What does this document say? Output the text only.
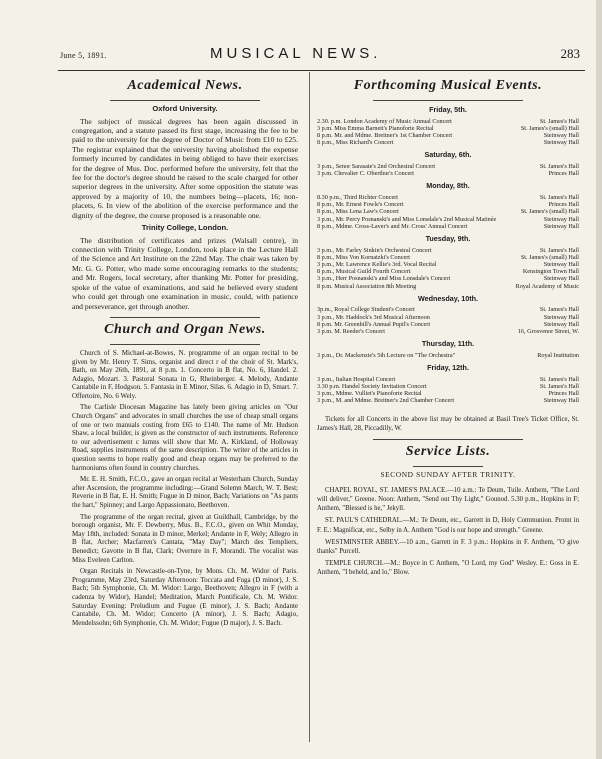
June 5, 1891.	MUSICAL NEWS.	283
Academical News.
Oxford University.

The subject of musical degrees has been again discussed in congregation, and a statute passed its first stage, increasing the fee to be paid to the university for the degree of Doctor of Music from £10 to £25. The registrar explained that the university having abolished the expense formerly incurred by candidates in being obliged to have their exercises for the degree of Mus. Doc. performed before the university, felt that the fee for the doctor's degree should be raised to the scale charged for other superior degrees in the university. After some opposition the statute was approved by a majority of 10, the numbers being—placets, 16; non-placets, 6. In view of the abolition of the exercise performance and the dignity of the degree, the course proposed is a reasonable one.

Trinity College, London.

The distribution of certificates and prizes (Walsall centre), in connection with Trinity College, London, took place in the Lecture Hall of the Science and Art Institute on the 22nd May. The chair was taken by Mr. G. G. Potter, who made some encouraging remarks to the students; and Mr. Rogers, local secretary, after thanking Mr. Potter for presiding, spoke of the value of examinations, and said he believed every student who could get through one examination in music, could, with patience and perseverance, get through another.

Church and Organ News.

Church of S. Michael-at-Bowes, N. programme of an organ recital to be given by Mr. Henry T. Sims, organist and direct r of the choir of St. Mark's, Bath, on May 26th, 1891, at 8 p.m. 1. Concerto in B flat, No. 6, Handel. 2. Adagio, Mozart. 3. Pastoral Sonata in G, Rheinberger. 4. Melody, Andante Cantabile in F, Hodgson. 5. Fantasia in E Minor, Silas. 6. Adagio in D, Smart. 7. Offertoire, No. 6 Wely.

The Carlisle Diocesan Magazine has lately been giving articles on "Our Church Organs" and advocates in small churches the use of cheap small organs of one or two manuals costing from £65 to £140. The name of Mr. Hudson Shaw, a local builder, is given as the constructor of such instruments. Reference to our advertisement c lumns will show that Mr. A. Kirkland, of Holloway Road, supplies instruments of the same description. The writer of the articles in question seems to hope really good and cheap organs may be preferred to the harmoniums often found in country churches.

Mr. E. H. Smith, F.C.O., gave an organ recital at Westerham Church, Sunday after Ascension, the programme including:—Grand Solemn March, W. T. Best; Reverie in B flat, E. H. Smith; Fugue in D minor, Bach; Variations on "As pants the hart," Spinney; and Largo Appassionato, Beethoven.

The programme of the organ recital, given at Guildhall, Cambridge, by the borough organist, Mr. F. Dewberry, Mus. B., F.C.O., given on Whit Monday, May 18th, included: Sonata in D minor, Merkel; Andante in F, Wely; Allegro in B flat, Archer; Macfarren's Cantata, "May Day"; March des Templiers, Benedict; Gavotte in B flat, Clark; Overture in F, Morandi. The vocalist was Miss Eveleen Carlton.

Organ Recitals in Newcastle-on-Tyne, by Mons. Ch. M. Widor of Paris. Programme, May 23rd, Saturday Afternoon: Toccata and Fuga (D minor), J. S. Bach; 5th Symphonie, Ch. M. Widor: Largo, Beethoven; Allegro in F (with a cadenza by Widor), Handel; Meditation, March Pontificale, Ch. M. Widor. Saturday Evening: Preludium and Fugue (E minor), J. S. Bach; Andante Cantabile, Ch. M. Widor; Concerto (A minor), J. S. Bach; Adagio, Mendelssohn; 6th Symphonie, Ch. M. Widor; Fugue (D major), J. S. Bach.

Forthcoming Musical Events.
Friday, 5th.
2.30. p.m. London Academy of Music Annual Concert	St. James's Hall
3 p.m. Miss Emma Barnett's Pianoforte Recital	St. James's (small) Hall
8 p.m. Mr. and Mdme. Breitner's 1st Chamber Concert	Steinway Hall
8 p.m., Miss Richard's Concert	Steinway Hall
Saturday, 6th.
3 p.m., Senor Sarasate's 2nd Orchestral Concert	St. James's Hall
3 p.m. Chevalier C. Oberthur's Concert	Princes Hall
Monday, 8th.
8.30 p.m., Third Richter Concert	St. James's Hall
8 p.m., Mr. Ernest Fowle's Concert	Princes Hall
8 p.m., Miss Lena Law's Concert	St. James's (small) Hall
3 p.m., Mr. Percy Posnanski's and Miss Lonsdale's 2nd Musical Matinée	Steinway Hall
8 p.m., Mdme. Cross-Laver's and Mr. Cross' Annual Concert	Steinway Hall
Tuesday, 9th.
3 p.m., Mr. Farley Sinkin's Orchestral Concert	St. James's Hall
8 p.m., Miss Von Kornatzki's Concert	St. James's (small) Hall
3 p.m., Mr. Lawrence Kellie's 3rd. Vocal Recital	Steinway Hall
8 p.m., Musical Guild Fourth Concert	Kensington Town Hall
3 p.m., Herr Posnanski's and Miss Lonsdale's Concert	Steinway Hall
8 p.m. Musical Association 8th Meeting	Royal Academy of Music
Wednesday, 10th.
3p.m., Royal College Student's Concert	St. James's Hall
3 p.m., Mr. Haddock's 3rd Musical Afternoon	Steinway Hall
8 p.m. Mr. Greenhill's Annual Pupil's Concert	Steinway Hall
3 p.m. M. Reeder's Concert	16, Grosvenor Street, W.
Thursday, 11th.
3 p.m., Dr. Mackenzie's 5th Lecture on "The Orchestra"	Royal Institution
Friday, 12th.
3 p.m., Italian Hospital Concert	St. James's Hall
3.30 p.m. Handel Society Invitation Concert	St. James's Hall
3 p.m., Mdme. Vulliet's Pianoforte Recital	Princes Hall
3 p.m., M. and Mdme. Breitner's 2nd Chamber Concert	Steinway Hall
Tickets for all Concerts in the above list may be obtained at Basil Tree's Ticket Office, St. James's Hall, 28, Piccadilly, W.
Service Lists.
SECOND SUNDAY AFTER TRINITY.

CHAPEL ROYAL, ST. JAMES'S PALACE.—10 a.m.: Te Deum, Tuile. Anthem, "The Lord will deliver," Greene. Noon: Anthem, "Send out Thy Light," Gounod. 5.30 p.m., Hopkins in F; Anthem, "Blessed is he," Jekyll.

ST. PAUL'S CATHEDRAL.—M.: Te Deum, etc., Garrett in D, Holy Communion. Promt in F. E.: Magnificat, etc., Selby in A. Anthem "God is our hope and strength." Greene.

WESTMINSTER ABBEY.—10 a.m., Garrett in F. 3 p.m.: Hopkins in F. Anthem, "O give thanks" Purcell.

TEMPLE CHURCH.—M.: Boyce in C Anthem, "O Lord, my God" Wesley. E.: Goss in E. Anthem, "I beheld, and lo," Blow.
